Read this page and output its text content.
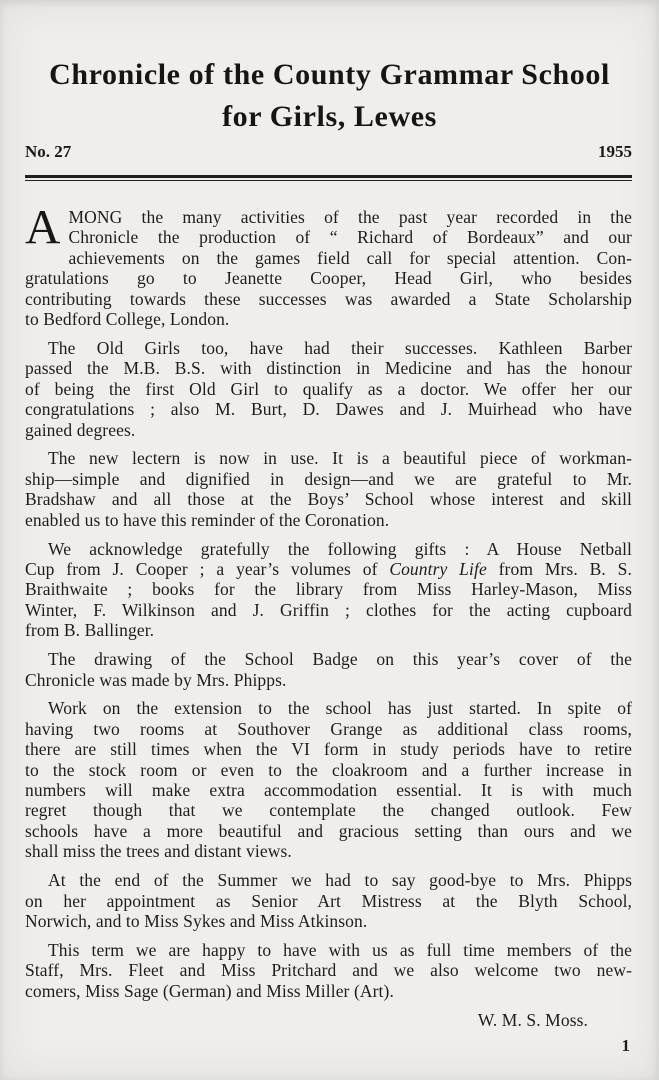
Chronicle of the County Grammar School
for Girls, Lewes
No. 27	1955
A MONG the many activities of the past year recorded in the
Chronicle the production of “ Richard of Bordeaux” and our
achievements on the games field call for special attention. Con-
gratulations go to Jeanette Cooper, Head Girl, who besides
contributing towards these successes was awarded a State Scholarship
to Bedford College, London.
The Old Girls too, have had their successes. Kathleen Barber
passed the M.B. B.S. with distinction in Medicine and has the honour
of being the first Old Girl to qualify as a doctor. We offer her our
congratulations ; also M. Burt, D. Dawes and J. Muirhead who have
gained degrees.
The new lectern is now in use. It is a beautiful piece of workman-
ship—simple and dignified in design—and we are grateful to Mr.
Bradshaw and all those at the Boys’ School whose interest and skill
enabled us to have this reminder of the Coronation.
We acknowledge gratefully the following gifts : A House Netball
Cup from J. Cooper ; a year’s volumes of Country Life from Mrs. B. S.
Braithwaite ; books for the library from Miss Harley-Mason, Miss
Winter, F. Wilkinson and J. Griffin ; clothes for the acting cupboard
from B. Ballinger.
The drawing of the School Badge on this year’s cover of the
Chronicle was made by Mrs. Phipps.
Work on the extension to the school has just started. In spite of
having two rooms at Southover Grange as additional class rooms,
there are still times when the VI form in study periods have to retire
to the stock room or even to the cloakroom and a further increase in
numbers will make extra accommodation essential. It is with much
regret though that we contemplate the changed outlook. Few
schools have a more beautiful and gracious setting than ours and we
shall miss the trees and distant views.
At the end of the Summer we had to say good-bye to Mrs. Phipps
on her appointment as Senior Art Mistress at the Blyth School,
Norwich, and to Miss Sykes and Miss Atkinson.
This term we are happy to have with us as full time members of the
Staff, Mrs. Fleet and Miss Pritchard and we also welcome two new-
comers, Miss Sage (German) and Miss Miller (Art).
W. M. S. Moss.
1
